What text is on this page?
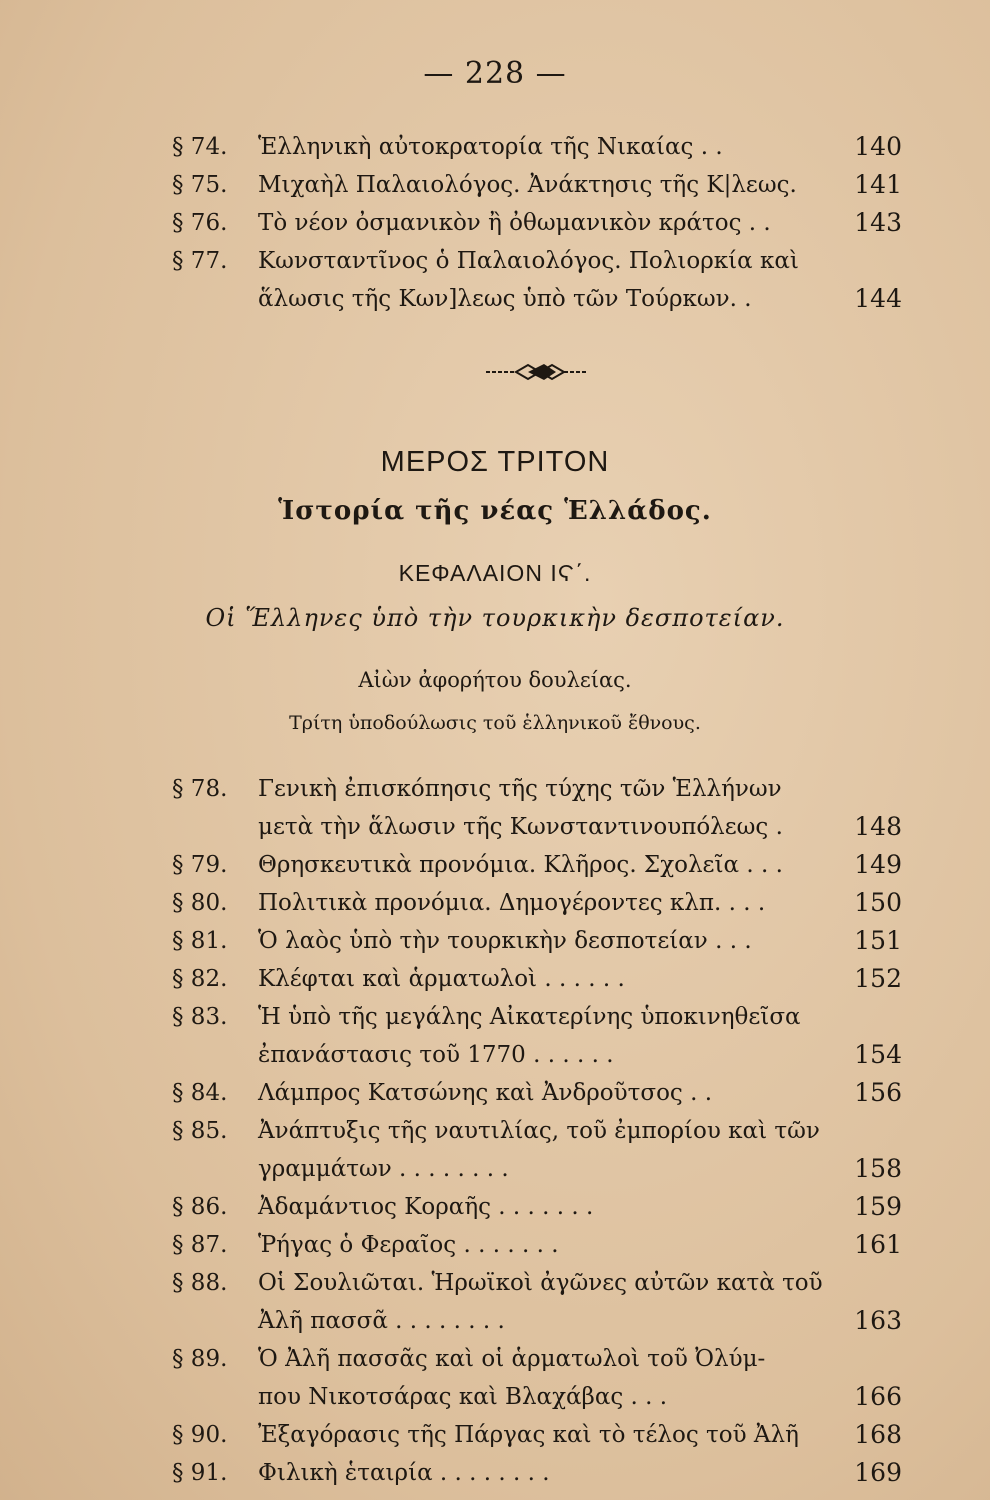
— 228 —
§ 74. Ἑλληνικὴ αὐτοκρατορία τῆς Νικαίας . .	140
§ 75. Μιχαὴλ Παλαιολόγος. Ἀνάκτησις τῆς Κ|λεως. 141
§ 76. Τὸ νέον ὀσμανικὸν ἢ ὀθωμανικὸν κράτος . .	143
§ 77. Κωνσταντῖνος ὁ Παλαιολόγος. Πολιορκία καὶ
ἅλωσις τῆς Κων]λεως ὑπὸ τῶν Τούρκων. .	144
§ 78. Γενικὴ ἐπισκόπησις τῆς τύχης τῶν Ἑλλήνων
μετὰ τὴν ἅλωσιν τῆς Κωνσταντινουπόλεως .	148
§ 79. Θρησκευτικὰ προνόμια. Κλῆρος. Σχολεῖα . . .	149
§ 80. Πολιτικὰ προνόμια. Δημογέροντες κλπ. . . .	150
§ 81. Ὁ λαὸς ὑπὸ τὴν τουρκικὴν δεσποτείαν . . .	151
§ 82. Κλέφται καὶ ἁρματωλοὶ . . . . . .	152
§ 83. Ἡ ὑπὸ τῆς μεγάλης Αἰκατερίνης ὑποκινηθεῖσα
ἐπανάστασις τοῦ 1770 . . . . . .	154
§ 84. Λάμπρος Κατσώνης καὶ Ἀνδροῦτσος . .	156
§ 85. Ἀνάπτυξις τῆς ναυτιλίας, τοῦ ἐμπορίου καὶ τῶν
γραμμάτων . . . . . . . .	158
§ 86. Ἀδαμάντιος Κοραῆς . . . . . . .	159
§ 87. Ῥήγας ὁ Φεραῖος . . . . . . .	161
§ 88. Οἱ Σουλιῶται. Ἡρωϊκοὶ ἀγῶνες αὐτῶν κατὰ τοῦ
Ἀλῆ πασσᾶ . . . . . . . .	163
§ 89. Ὁ Ἀλῆ πασσᾶς καὶ οἱ ἁρματωλοὶ τοῦ Ὀλύμ-
που Νικοτσάρας καὶ Βλαχάβας . . .	166
§ 90. Ἐξαγόρασις τῆς Πάργας καὶ τὸ τέλος τοῦ Ἀλῆ 168
§ 91. Φιλικὴ ἑταιρία . . . . . . . .	169
ΜΕΡΟΣ ΤΡΙΤΟΝ
Ἱστορία τῆς νέας Ἑλλάδος.
ΚΕΦΑΛΑΙΟΝ ΙϚ΄.
Οἱ Ἕλληνες ὑπὸ τὴν τουρκικὴν δεσποτείαν.
Αἰὼν ἀφορήτου δουλείας.
Τρίτη ὑποδούλωσις τοῦ ἑλληνικοῦ ἔθνους.
